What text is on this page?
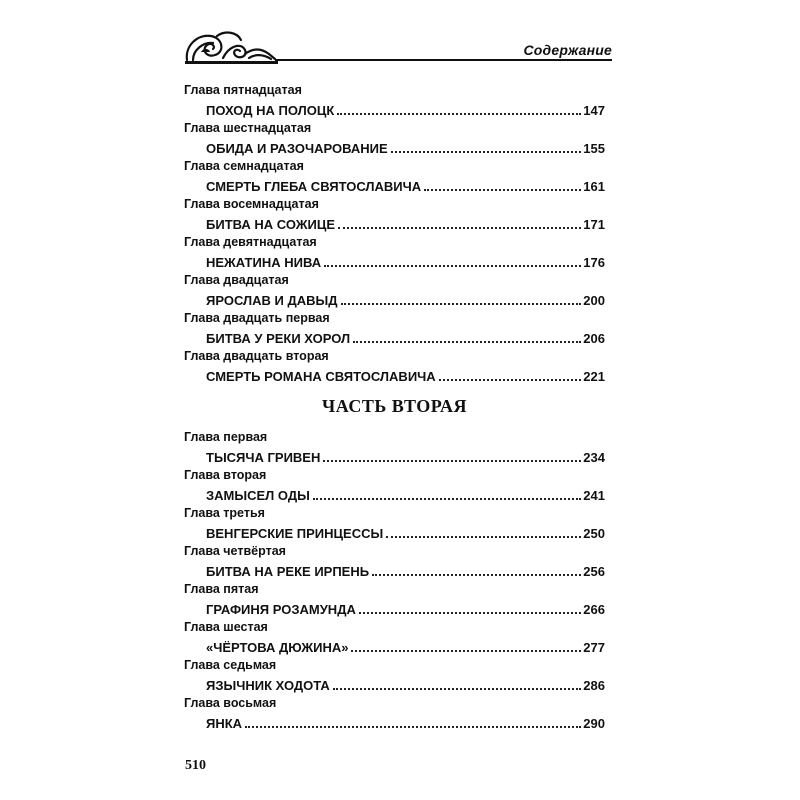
Содержание
Глава пятнадцатая
ПОХОД НА ПОЛОЦК	147
Глава шестнадцатая
ОБИДА И РАЗОЧАРОВАНИЕ	155
Глава семнадцатая
СМЕРТЬ ГЛЕБА СВЯТОСЛАВИЧА	161
Глава восемнадцатая
БИТВА НА СОЖИЦЕ	171
Глава девятнадцатая
НЕЖАТИНА НИВА	176
Глава двадцатая
ЯРОСЛАВ И ДАВЫД	200
Глава двадцать первая
БИТВА У РЕКИ ХОРОЛ	206
Глава двадцать вторая
СМЕРТЬ РОМАНА СВЯТОСЛАВИЧА	221
ЧАСТЬ ВТОРАЯ
Глава первая
ТЫСЯЧА ГРИВЕН	234
Глава вторая
ЗАМЫСЕЛ ОДЫ	241
Глава третья
ВЕНГЕРСКИЕ ПРИНЦЕССЫ	250
Глава четвёртая
БИТВА НА РЕКЕ ИРПЕНЬ	256
Глава пятая
ГРАФИНЯ РОЗАМУНДА	266
Глава шестая
«ЧЁРТОВА ДЮЖИНА»	277
Глава седьмая
ЯЗЫЧНИК ХОДОТА	286
Глава восьмая
ЯНКА	290
510
